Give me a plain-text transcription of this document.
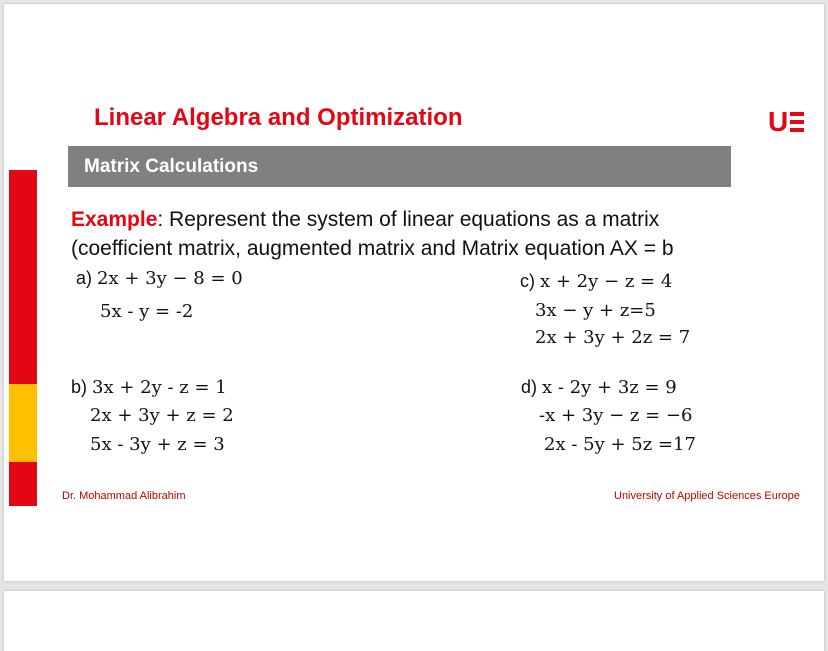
Linear Algebra and Optimization	U
Matrix Calculations
Example: Represent the system of linear equations as a matrix
(coefficient matrix, augmented matrix and Matrix equation AX = b
a) 2x + 3y − 8 = 0
5x - y = -2
c) x + 2y − z = 4
3x − y + z=5
2x + 3y + 2z = 7
b) 3x + 2y - z = 1
2x + 3y + z = 2
5x - 3y + z = 3
d) x - 2y + 3z = 9
-x + 3y − z = −6
2x - 5y + 5z =17
Dr. Mohammad Alibrahim	University of Applied Sciences Europe
